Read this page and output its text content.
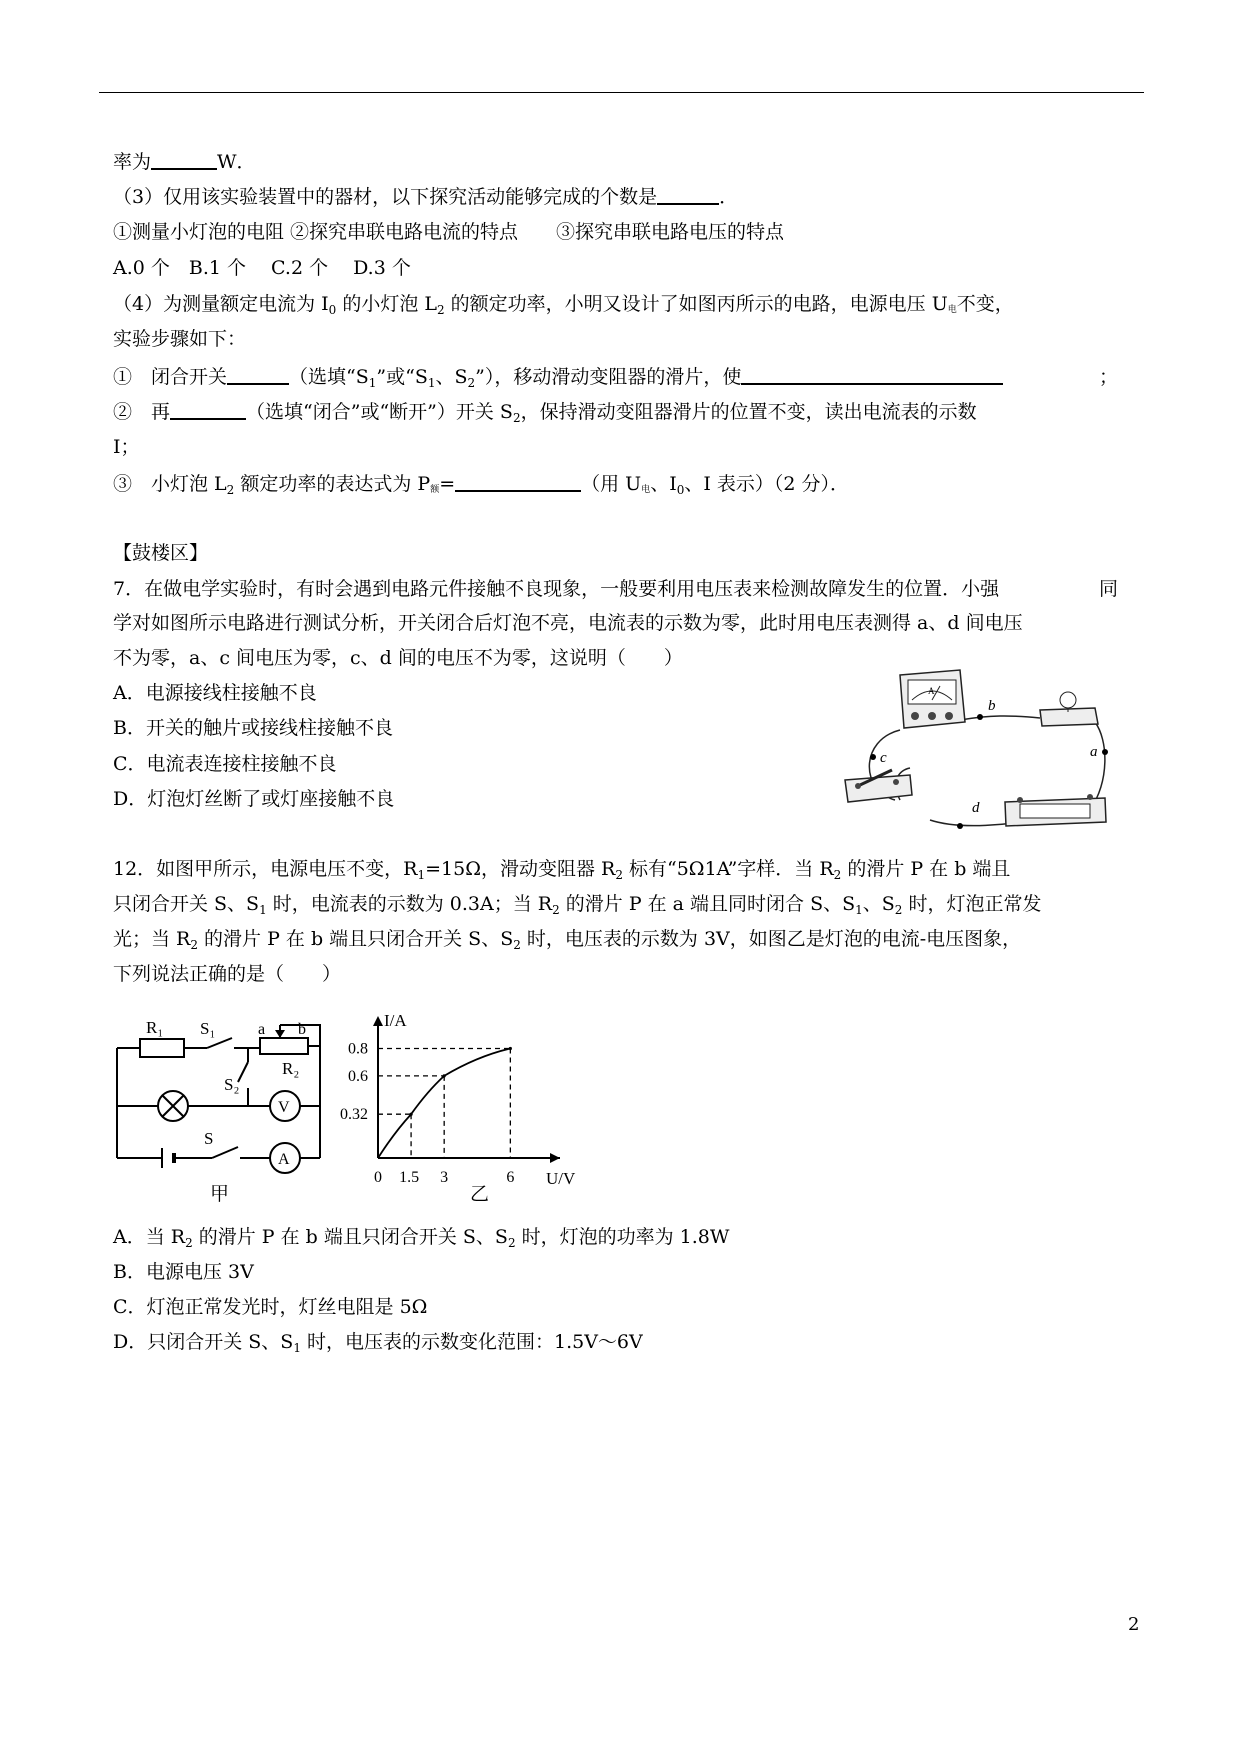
率为	W．
（3）仅用该实验装置中的器材，以下探究活动能够完成的个数是	．
①测量小灯泡的电阻 ②探究串联电路电流的特点　　③探究串联电路电压的特点
A.0 个　B.1 个　 C.2 个　 D.3 个
（4）为测量额定电流为 $I_0$ 的小灯泡 $L_2$ 的额定功率，小明又设计了如图丙所示的电路，电源电压 U电不变，
实验步骤如下：
①　闭合开关	（选填“$S_1$”或“$S_1$、$S_2$”），移动滑动变阻器的滑片，使	；
②　再	（选填“闭合”或“断开”）开关 $S_2$，保持滑动变阻器滑片的位置不变，读出电流表的示数
I；
③　小灯泡 $L_2$ 额定功率的表达式为 P额=	（用 U电、$I_0$、I 表示）（2 分）．
【鼓楼区】
7．在做电学实验时，有时会遇到电路元件接触不良现象，一般要利用电压表来检测故障发生的位置．小强	同
学对如图所示电路进行测试分析，开关闭合后灯泡不亮，电流表的示数为零，此时用电压表测得 a、d 间电压
不为零，a、c 间电压为零，c、d 间的电压不为零，这说明（　　）
A．电源接线柱接触不良
B．开关的触片或接线柱接触不良
C．电流表连接柱接触不良
D．灯泡灯丝断了或灯座接触不良
A
b
a
c
d
12．如图甲所示，电源电压不变，$R_1=15\Omega$，滑动变阻器 $R_2$ 标有“5Ω1A”字样．当 $R_2$ 的滑片 P 在 b 端且
只闭合开关 S、$S_1$ 时，电流表的示数为 0.3A；当 $R_2$ 的滑片 P 在 a 端且同时闭合 S、$S_1$、$S_2$ 时，灯泡正常发
光；当 $R_2$ 的滑片 P 在 b 端且只闭合开关 S、$S_2$ 时，电压表的示数为 3V，如图乙是灯泡的电流-电压图象，
下列说法正确的是（　　）
V
A
R₁ S₁	a b
R₂
S₂
S
甲
I/A
U/V
0 1.5 3	6
0.32
0.6
0.8
乙
A．当 $R_2$ 的滑片 P 在 b 端且只闭合开关 S、$S_2$ 时，灯泡的功率为 1.8W
B．电源电压 3V
C．灯泡正常发光时，灯丝电阻是 5Ω
D．只闭合开关 S、$S_1$ 时，电压表的示数变化范围：1.5V～6V
2
